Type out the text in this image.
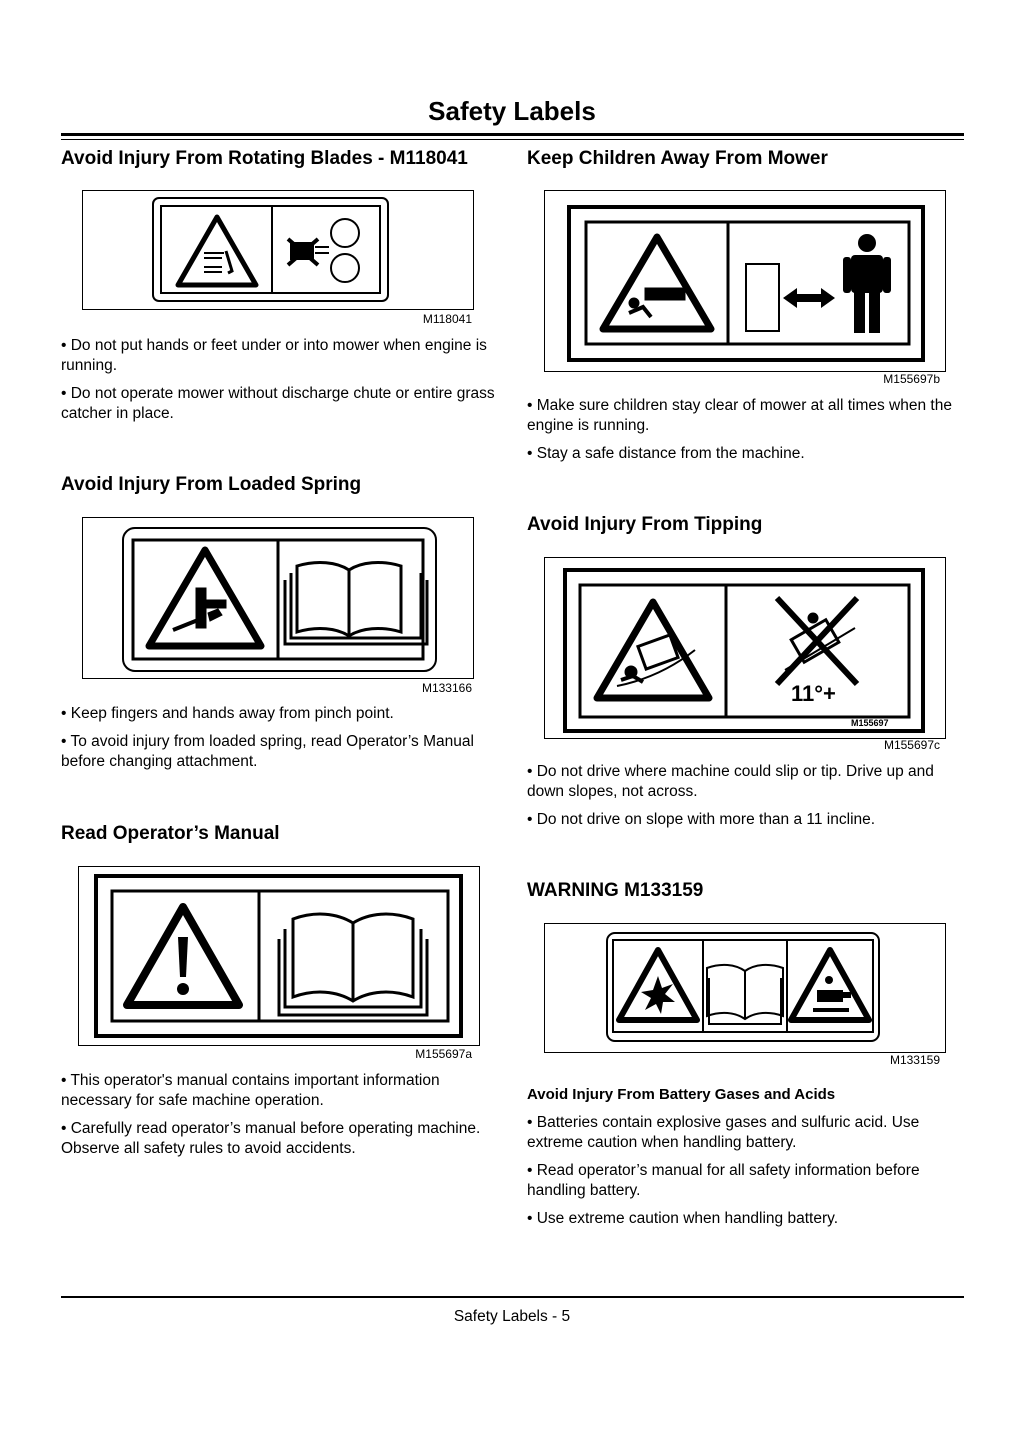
Safety Labels
Avoid Injury From Rotating Blades - M118041
M118041

• Do not put hands or feet under or into mower when engine is running.

• Do not operate mower without discharge chute or entire grass catcher in place.

Avoid Injury From Loaded Spring
M133166

• Keep fingers and hands away from pinch point.

• To avoid injury from loaded spring, read Operator’s Manual before changing attachment.

Read Operator’s Manual
M155697a

• This operator's manual contains important information necessary for safe machine operation.

• Carefully read operator’s manual before operating machine. Observe all safety rules to avoid accidents.

Keep Children Away From Mower
M155697b

• Make sure children stay clear of mower at all times when the engine is running.

• Stay a safe distance from the machine.

Avoid Injury From Tipping
11°+
M155697
M155697c

• Do not drive where machine could slip or tip. Drive up and down slopes, not across.

• Do not drive on slope with more than a 11 incline.

WARNING M133159
M133159
Avoid Injury From Battery Gases and Acids

• Batteries contain explosive gases and sulfuric acid. Use extreme caution when handling battery.

• Read operator’s manual for all safety information before handling battery.

• Use extreme caution when handling battery.

Safety Labels - 5
